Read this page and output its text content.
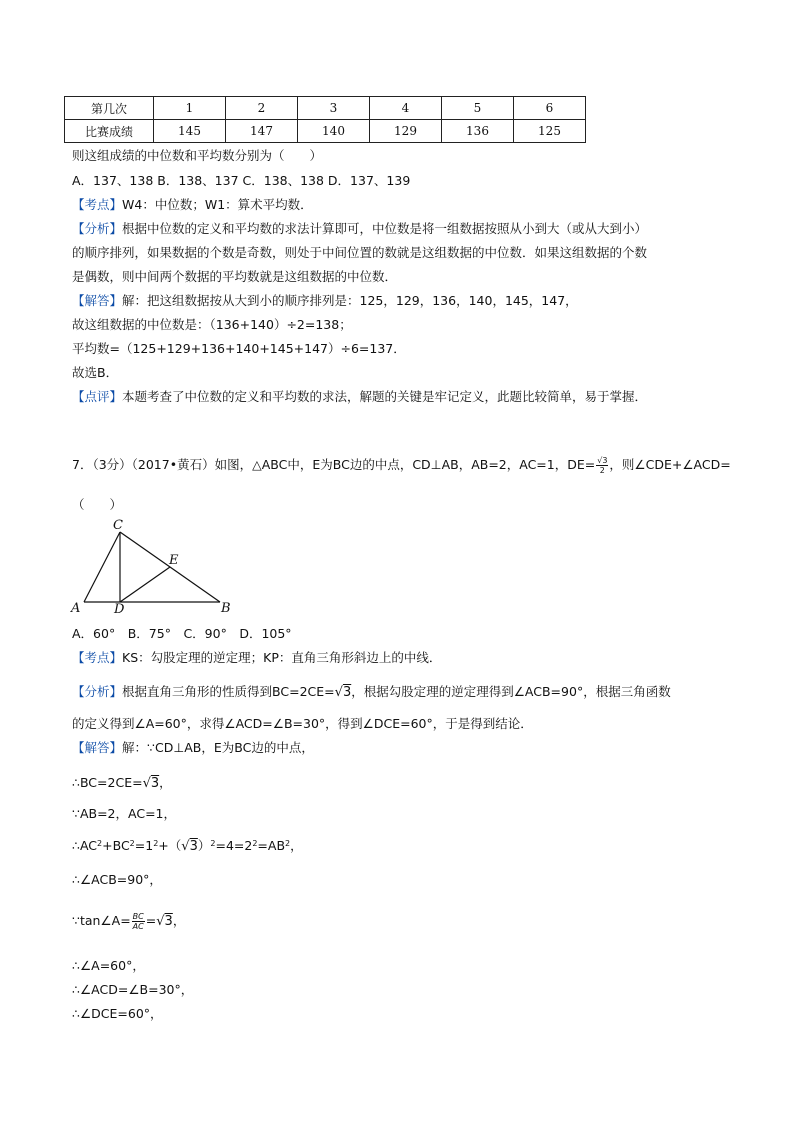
第几次	1	2	3	4	5	6
比赛成绩	145	147	140	129	136	125
则这组成绩的中位数和平均数分别为（　　）
A．137、138 B．138、137 C．138、138 D．137、139
【考点】W4：中位数；W1：算术平均数．
【分析】根据中位数的定义和平均数的求法计算即可，中位数是将一组数据按照从小到大（或从大到小）
的顺序排列，如果数据的个数是奇数，则处于中间位置的数就是这组数据的中位数．如果这组数据的个数
是偶数，则中间两个数据的平均数就是这组数据的中位数．
【解答】解：把这组数据按从大到小的顺序排列是：125，129，136，140，145，147，
故这组数据的中位数是：（136+140）÷2=138；
平均数=（125+129+136+140+145+147）÷6=137．
故选B．
【点评】本题考查了中位数的定义和平均数的求法，解题的关键是牢记定义，此题比较简单，易于掌握．
7．（3分）（2017•黄石）如图，△ABC中，E为BC边的中点，CD⊥AB，AB=2，AC=1，$DE= \frac{√3}{2}$ ，则∠CDE+∠ACD=
（　　）
A
C
D
E
B
A．60°　B．75°　C．90°　D．105°
【考点】KS：勾股定理的逆定理；KP：直角三角形斜边上的中线．
【分析】根据直角三角形的性质得到BC=2CE=√3，根据勾股定理的逆定理得到∠ACB=90°，根据三角函数
的定义得到∠A=60°，求得∠ACD=∠B=30°，得到∠DCE=60°，于是得到结论．
【解答】解：∵CD⊥AB，E为BC边的中点，
∴BC=2CE=√3，
∵AB=2，AC=1，
$\therefore AC^2+BC^2=1^2+(√3)^2=4=2^2=AB^2$，
∴∠ACB=90°，
∵tan∠A= $\frac{BC}{AC} =√3$，
∴∠A=60°，
∴∠ACD=∠B=30°，
∴∠DCE=60°，
